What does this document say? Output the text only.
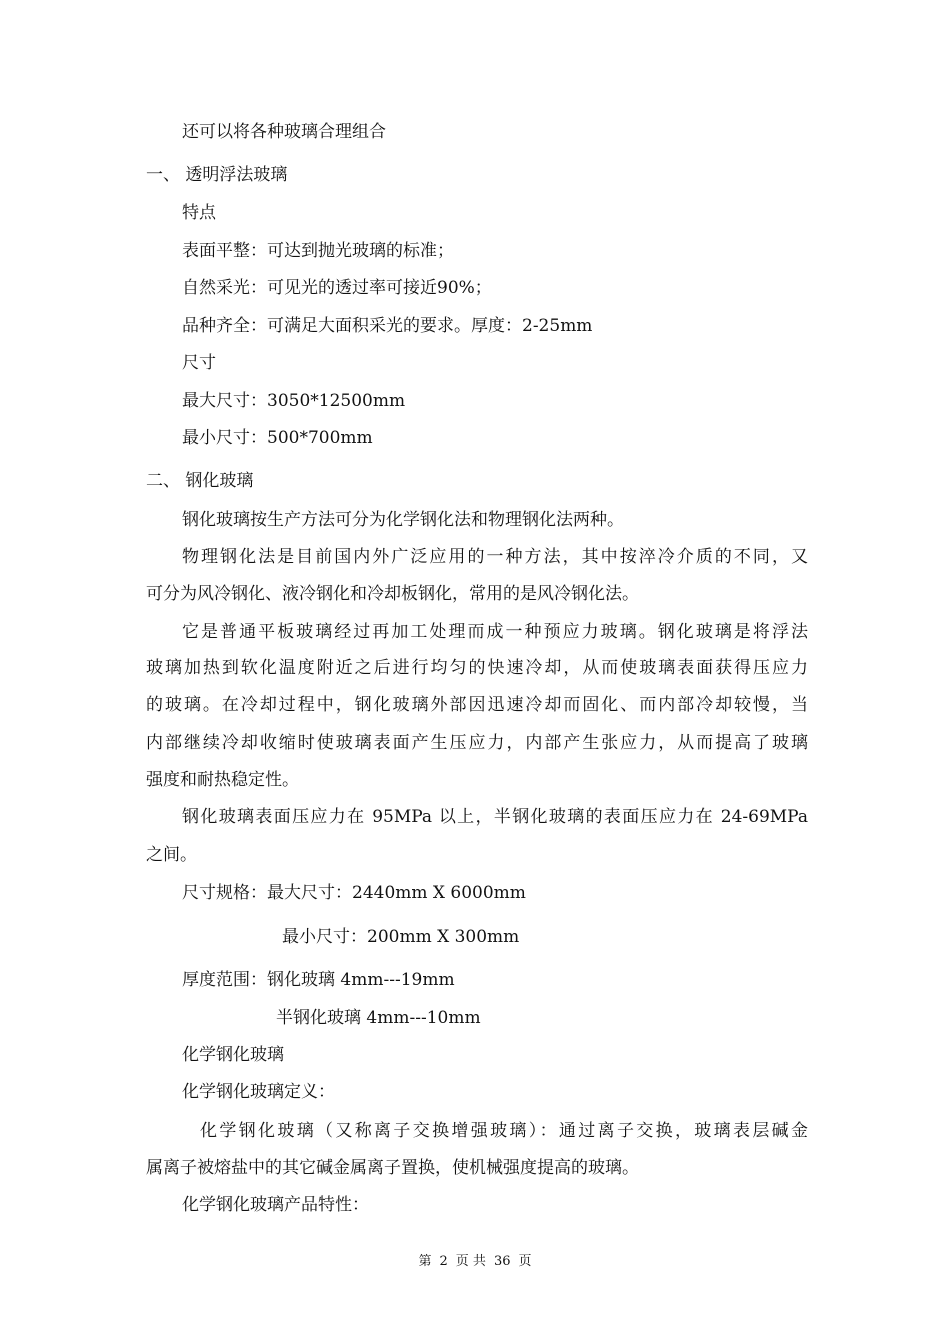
还可以将各种玻璃合理组合

一、 透明浮法玻璃

特点

表面平整：可达到抛光玻璃的标准；

自然采光：可见光的透过率可接近90%；

品种齐全：可满足大面积采光的要求。厚度：2-25mm

尺寸

最大尺寸：3050*12500mm

最小尺寸：500*700mm

二、 钢化玻璃

钢化玻璃按生产方法可分为化学钢化法和物理钢化法两种。

物理钢化法是目前国内外广泛应用的一种方法，其中按淬冷介质的不同，又

可分为风冷钢化、液冷钢化和冷却板钢化，常用的是风冷钢化法。

它是普通平板玻璃经过再加工处理而成一种预应力玻璃。钢化玻璃是将浮法

玻璃加热到软化温度附近之后进行均匀的快速冷却，从而使玻璃表面获得压应力

的玻璃。在冷却过程中，钢化玻璃外部因迅速冷却而固化、而内部冷却较慢，当

内部继续冷却收缩时使玻璃表面产生压应力，内部产生张应力，从而提高了玻璃

强度和耐热稳定性。

钢化玻璃表面压应力在 95MPa 以上，半钢化玻璃的表面压应力在 24-69MPa

之间。

尺寸规格：最大尺寸：2440mm X 6000mm

最小尺寸：200mm X 300mm

厚度范围：钢化玻璃 4mm---19mm

半钢化玻璃 4mm---10mm

化学钢化玻璃

化学钢化玻璃定义：

化学钢化玻璃（又称离子交换增强玻璃）：通过离子交换，玻璃表层碱金

属离子被熔盐中的其它碱金属离子置换，使机械强度提高的玻璃。

化学钢化玻璃产品特性：

第 2 页 共 36 页
